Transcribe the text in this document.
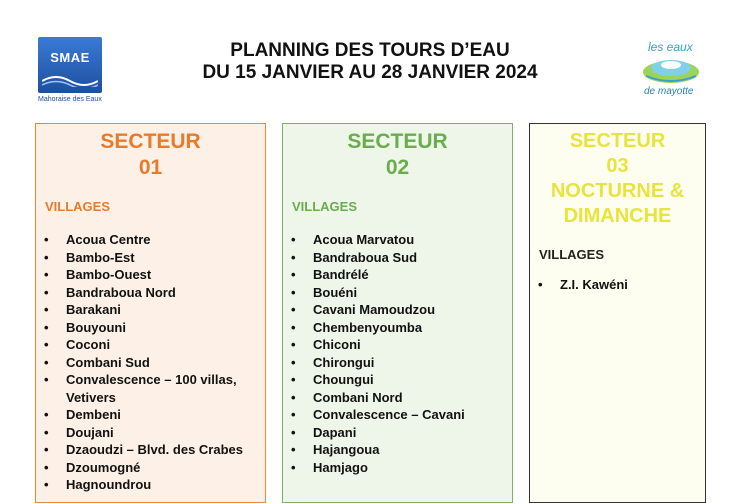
PLANNING DES TOURS D’EAU
DU 15 JANVIER AU 28 JANVIER 2024
SMAE
Mahoraise des Eaux
les eaux
de mayotte
SECTEUR
01
VILLAGES
• Acoua Centre
• Bambo-Est
• Bambo-Ouest
• Bandraboua Nord
• Barakani
• Bouyouni
• Coconi
• Combani Sud
• Convalescence – 100 villas, Vetivers
• Dembeni
• Doujani
• Dzaoudzi – Blvd. des Crabes
• Dzoumogné
• Hagnoundrou
SECTEUR
02
VILLAGES
• Acoua Marvatou
• Bandraboua Sud
• Bandrélé
• Bouéni
• Cavani Mamoudzou
• Chembenyoumba
• Chiconi
• Chirongui
• Choungui
• Combani Nord
• Convalescence – Cavani
• Dapani
• Hajangoua
• Hamjago
SECTEUR
03
NOCTURNE &
DIMANCHE
VILLAGES
• Z.I. Kawéni
